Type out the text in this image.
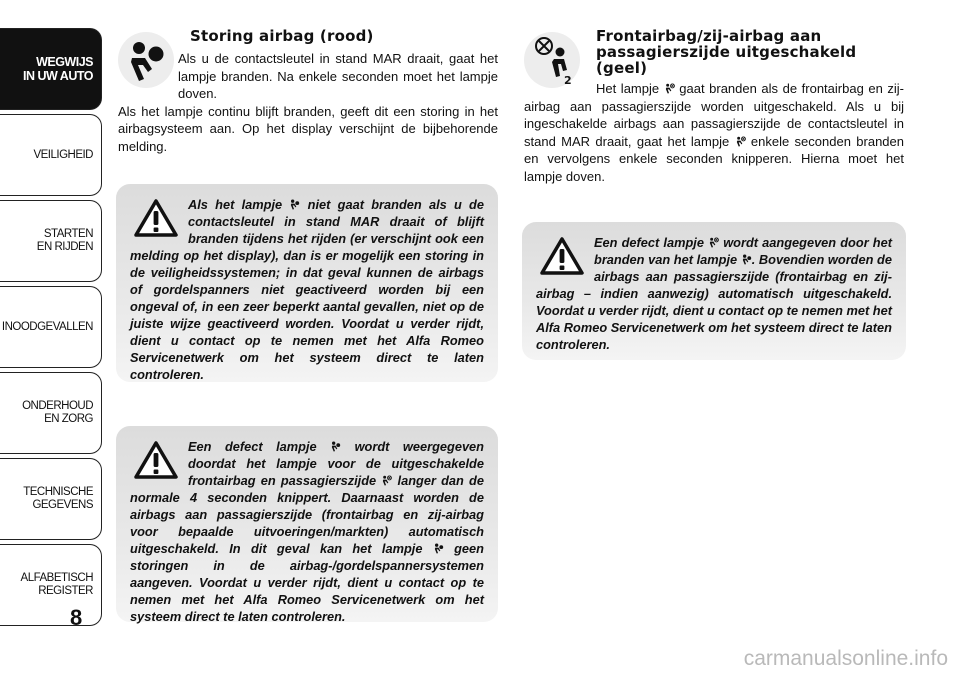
WEGWIJS
IN UW AUTO
VEILIGHEID
STARTEN
EN RIJDEN
INOODGEVALLEN
ONDERHOUD
EN ZORG
TECHNISCHE
GEGEVENS
ALFABETISCH
REGISTER
8
Storing airbag (rood)
Als u de contactsleutel in stand MAR draait, gaat het lampje branden. Na enkele seconden moet het lampje doven.
Als het lampje continu blijft branden, geeft dit een storing in het airbagsysteem aan. Op het display verschijnt de bijbehorende melding.

Als het lampje  niet gaat branden als u de contactsleutel in stand MAR draait of blijft branden tijdens het rijden (er verschijnt ook een melding op het display), dan is er mogelijk een storing in de veiligheidssystemen; in dat geval kunnen de airbags of gordelspanners niet geactiveerd worden bij een ongeval of, in een zeer beperkt aantal gevallen, niet op de juiste wijze geactiveerd worden. Voordat u verder rijdt, dient u contact op te nemen met het Alfa Romeo Servicenetwerk om het systeem direct te laten controleren.

Een defect lampje  wordt weergegeven doordat het lampje voor de uitgeschakelde frontairbag en passagierszijde  langer dan de normale 4 seconden knippert. Daarnaast worden de airbags aan passagierszijde (frontairbag en zij-airbag voor bepaalde uitvoeringen/markten) automatisch uitgeschakeld. In dit geval kan het lampje  geen storingen in de airbag-/gordelspannersystemen aangeven. Voordat u verder rijdt, dient u contact op te nemen met het Alfa Romeo Servicenetwerk om het systeem direct te laten controleren.

2
Frontairbag/zij-airbag aan
passagierszijde uitgeschakeld (geel)

Het lampje  gaat branden als de frontairbag en zij-airbag aan passagierszijde worden uitgeschakeld. Als u bij ingeschakelde airbags aan passagierszijde de contactsleutel in stand MAR draait, gaat het lampje  enkele seconden branden en vervolgens enkele seconden knipperen. Hierna moet het lampje doven.

Een defect lampje  wordt aangegeven door het branden van het lampje . Bovendien worden de airbags aan passagierszijde (frontairbag en zij-airbag – indien aanwezig) automatisch uitgeschakeld. Voordat u verder rijdt, dient u contact op te nemen met het Alfa Romeo Servicenetwerk om het systeem direct te laten controleren.

carmanualsonline.info
